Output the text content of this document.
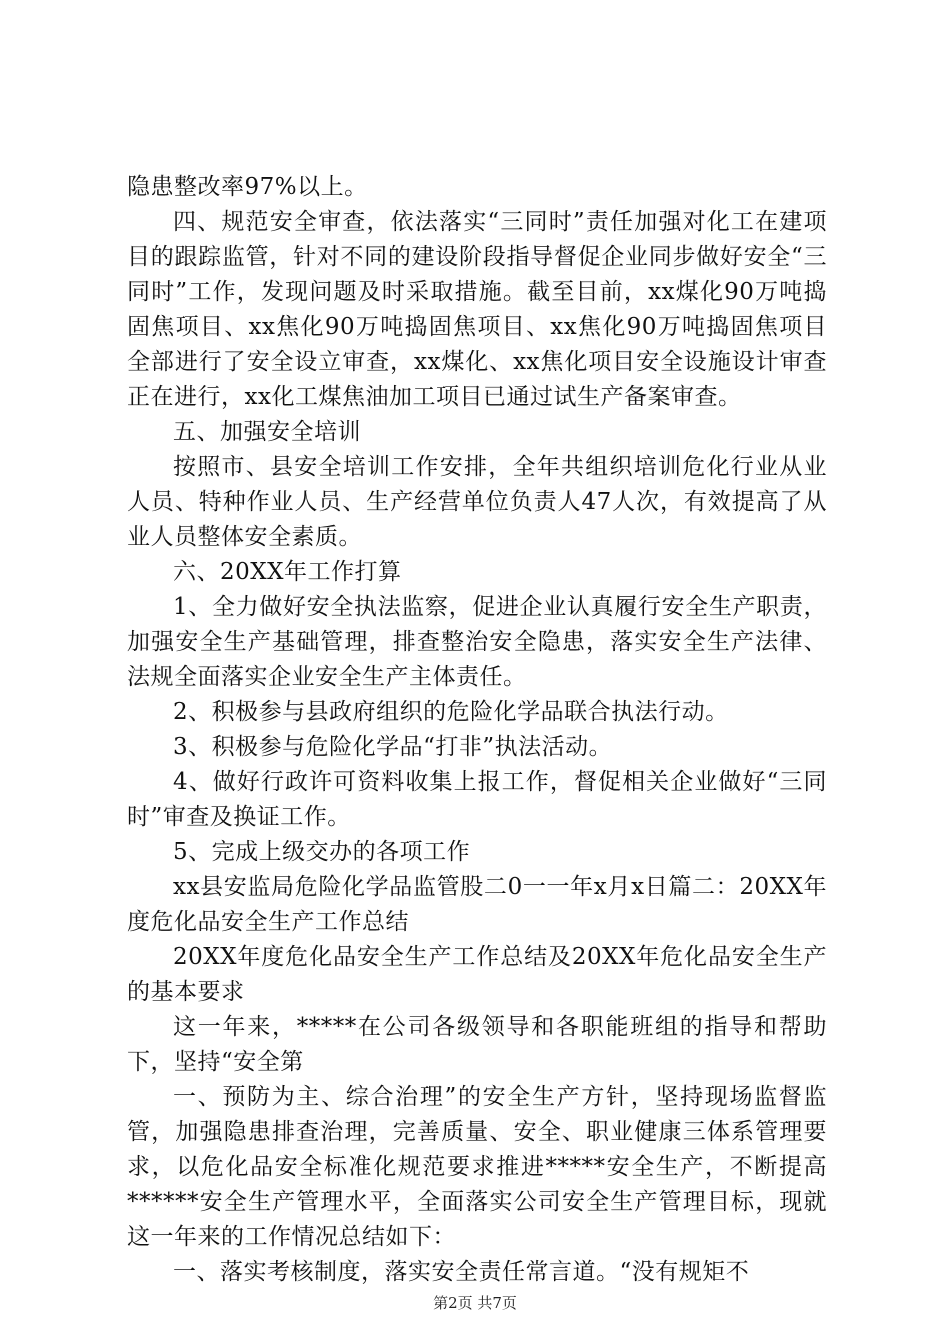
隐患整改率97%以上。

四、规范安全审查，依法落实“三同时”责任加强对化工在建项目的跟踪监管，针对不同的建设阶段指导督促企业同步做好安全“三同时”工作，发现问题及时采取措施。截至目前，xx煤化90万吨捣固焦项目、xx焦化90万吨捣固焦项目、xx焦化90万吨捣固焦项目全部进行了安全设立审查，xx煤化、xx焦化项目安全设施设计审查正在进行，xx化工煤焦油加工项目已通过试生产备案审查。

五、加强安全培训

按照市、县安全培训工作安排，全年共组织培训危化行业从业人员、特种作业人员、生产经营单位负责人47人次，有效提高了从业人员整体安全素质。

六、20XX年工作打算

1、全力做好安全执法监察，促进企业认真履行安全生产职责，加强安全生产基础管理，排查整治安全隐患，落实安全生产法律、法规全面落实企业安全生产主体责任。

2、积极参与县政府组织的危险化学品联合执法行动。

3、积极参与危险化学品“打非”执法活动。

4、做好行政许可资料收集上报工作，督促相关企业做好“三同时”审查及换证工作。

5、完成上级交办的各项工作

xx县安监局危险化学品监管股二0一一年x月x日篇二：20XX年度危化品安全生产工作总结

20XX年度危化品安全生产工作总结及20XX年危化品安全生产的基本要求

这一年来，*****在公司各级领导和各职能班组的指导和帮助下，坚持“安全第

一、预防为主、综合治理”的安全生产方针，坚持现场监督监管，加强隐患排查治理，完善质量、安全、职业健康三体系管理要求，以危化品安全标准化规范要求推进*****安全生产，不断提高******安全生产管理水平，全面落实公司安全生产管理目标，现就这一年来的工作情况总结如下：

一、落实考核制度，落实安全责任常言道。“没有规矩不

第2页 共7页
